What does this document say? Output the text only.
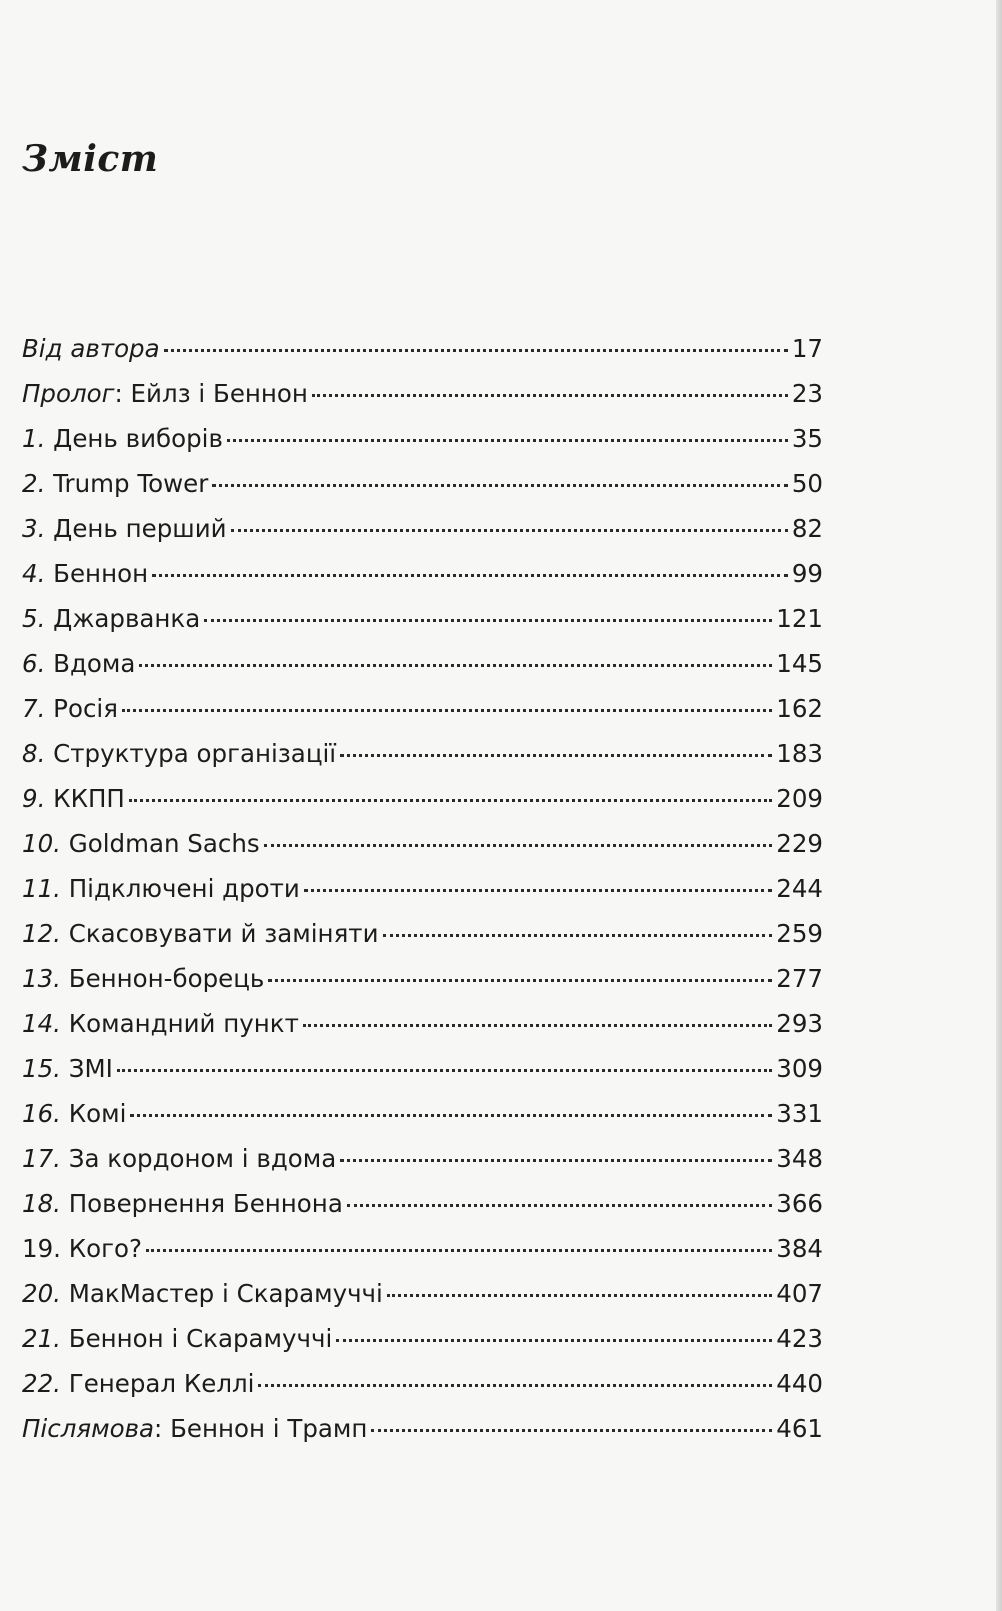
Зміст
Від автора	17
Пролог: Ейлз і Беннон	23
1. День виборів	35
2. Trump Tower	50
3. День перший	82
4. Беннон	99
5. Джарванка	121
6. Вдома	145
7. Росія	162
8. Структура організації	183
9. ККПП	209
10. Goldman Sachs	229
11. Підключені дроти	244
12. Скасовувати й заміняти	259
13. Беннон-борець	277
14. Командний пункт	293
15. ЗМІ	309
16. Комі	331
17. За кордоном і вдома	348
18. Повернення Беннона	366
19. Кого?	384
20. МакМастер і Скарамуччі	407
21. Беннон і Скарамуччі	423
22. Генерал Келлі	440
Післямова: Беннон і Трамп	461
